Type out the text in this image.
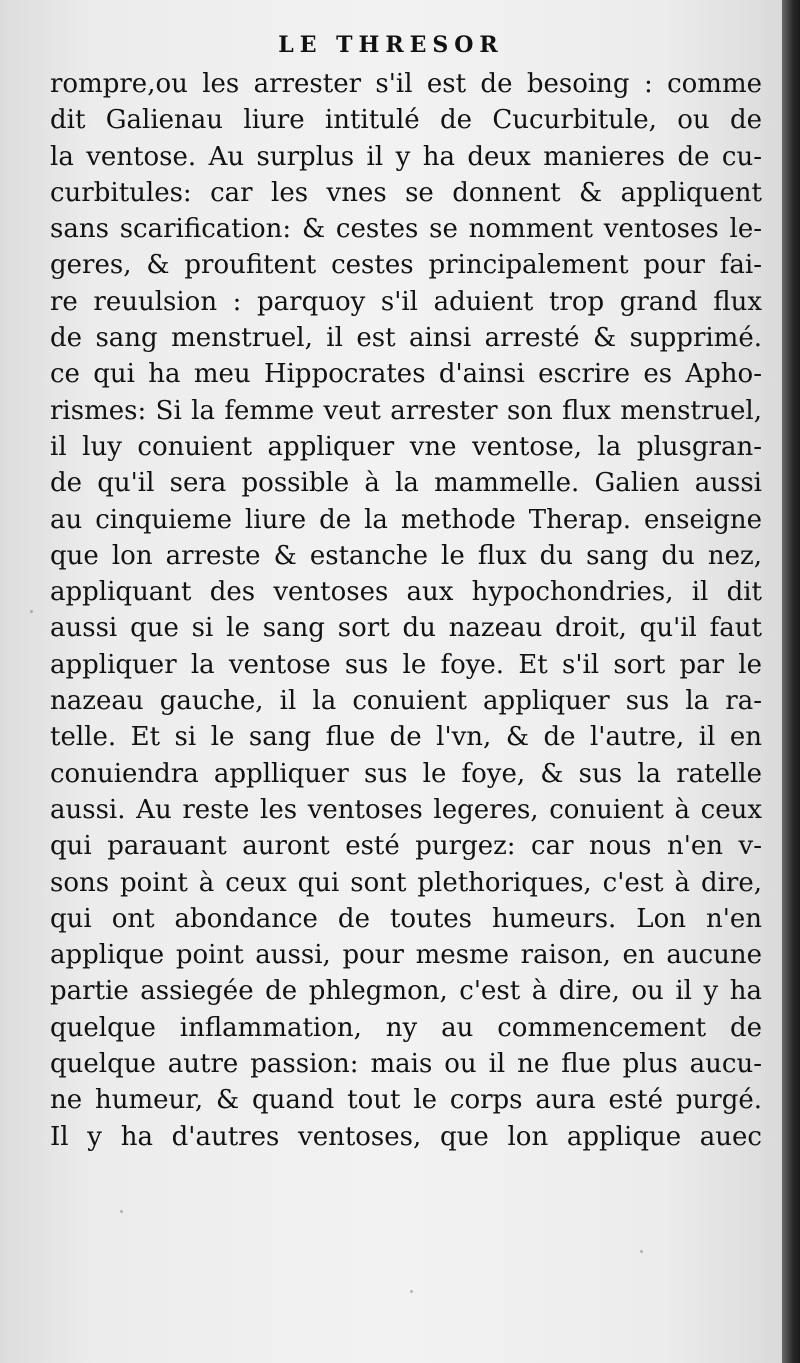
LE THRESOR
rompre,ou les arrester s'il est de besoing : comme
dit Galienau liure intitulé de Cucurbitule, ou de
la ventose. Au surplus il y ha deux manieres de cu-
curbitules: car les vnes se donnent & appliquent
sans scarification: & cestes se nomment ventoses le-
geres, & proufitent cestes principalement pour fai-
re reuulsion : parquoy s'il aduient trop grand flux
de sang menstruel, il est ainsi arresté & supprimé.
ce qui ha meu Hippocrates d'ainsi escrire es Apho-
rismes: Si la femme veut arrester son flux menstruel,
il luy conuient appliquer vne ventose, la plusgran-
de qu'il sera possible à la mammelle. Galien aussi
au cinquieme liure de la methode Therap. enseigne
que lon arreste & estanche le flux du sang du nez,
appliquant des ventoses aux hypochondries, il dit
aussi que si le sang sort du nazeau droit, qu'il faut
appliquer la ventose sus le foye. Et s'il sort par le
nazeau gauche, il la conuient appliquer sus la ra-
telle. Et si le sang flue de l'vn, & de l'autre, il en
conuiendra applliquer sus le foye, & sus la ratelle
aussi. Au reste les ventoses legeres, conuient à ceux
qui parauant auront esté purgez: car nous n'en v-
sons point à ceux qui sont plethoriques, c'est à dire,
qui ont abondance de toutes humeurs. Lon n'en
applique point aussi, pour mesme raison, en aucune
partie assiegée de phlegmon, c'est à dire, ou il y ha
quelque inflammation, ny au commencement de
quelque autre passion: mais ou il ne flue plus aucu-
ne humeur, & quand tout le corps aura esté purgé.
Il y ha d'autres ventoses, que lon applique auec
